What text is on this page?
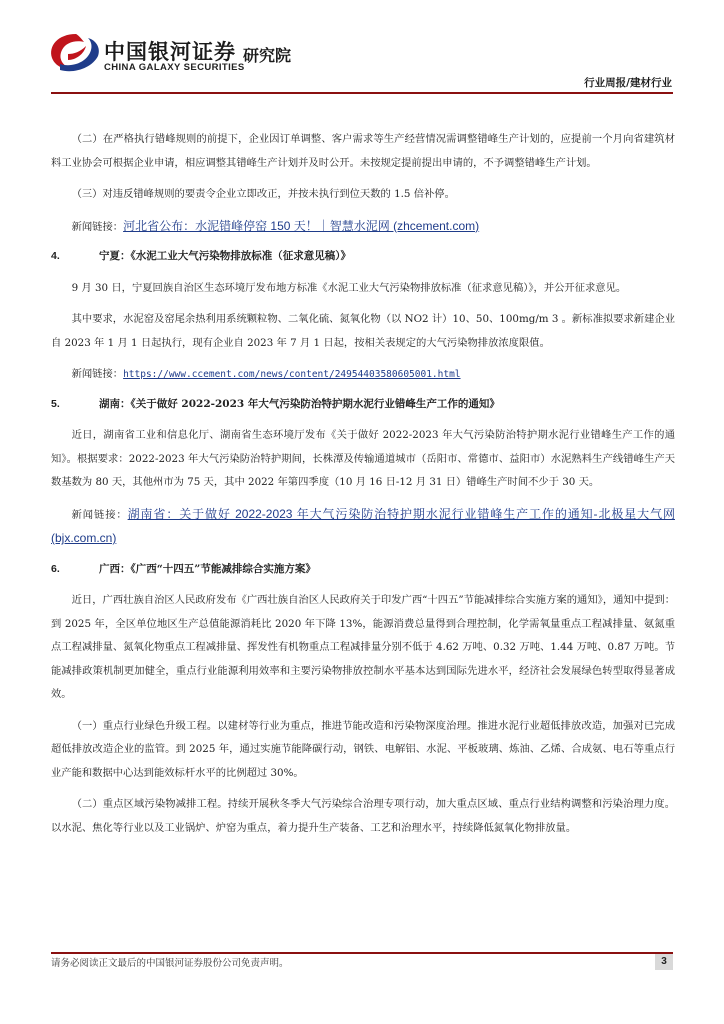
中国银河证券
CHINA GALAXY SECURITIES
研究院
行业周报/建材行业

（二）在严格执行错峰规则的前提下，企业因订单调整、客户需求等生产经营情况需调整错峰生产计划的，应提前一个月向省建筑材料工业协会可根据企业申请，相应调整其错峰生产计划并及时公开。未按规定提前提出申请的，不予调整错峰生产计划。

（三）对违反错峰规则的要责令企业立即改正，并按未执行到位天数的 1.5 倍补停。

新闻链接：河北省公布：水泥错峰停窑 150 天！｜智慧水泥网 (zhcement.com)

4.	宁夏：《水泥工业大气污染物排放标准（征求意见稿）》

9 月 30 日，宁夏回族自治区生态环境厅发布地方标准《水泥工业大气污染物排放标准（征求意见稿）》，并公开征求意见。

其中要求，水泥窑及窑尾余热利用系统颗粒物、二氧化硫、氮氧化物（以 NO2 计）10、50、100mg/m 3 。新标准拟要求新建企业自 2023 年 1 月 1 日起执行，现有企业自 2023 年 7 月 1 日起，按相关表规定的大气污染物排放浓度限值。

新闻链接：https://www.ccement.com/news/content/24954403580605001.html

5.	湖南：《关于做好 2022-2023 年大气污染防治特护期水泥行业错峰生产工作的通知》

近日，湖南省工业和信息化厅、湖南省生态环境厅发布《关于做好 2022-2023 年大气污染防治特护期水泥行业错峰生产工作的通知》。根据要求：2022-2023 年大气污染防治特护期间，长株潭及传输通道城市（岳阳市、常德市、益阳市）水泥熟料生产线错峰生产天数基数为 80 天，其他州市为 75 天，其中 2022 年第四季度（10 月 16 日-12 月 31 日）错峰生产时间不少于 30 天。

新闻链接：湖南省：关于做好 2022-2023 年大气污染防治特护期水泥行业错峰生产工作的通知-北极星大气网 (bjx.com.cn)

6.	广西：《广西“十四五”节能减排综合实施方案》

近日，广西壮族自治区人民政府发布《广西壮族自治区人民政府关于印发广西“十四五”节能减排综合实施方案的通知》，通知中提到：到 2025 年，全区单位地区生产总值能源消耗比 2020 年下降 13%，能源消费总量得到合理控制，化学需氧量重点工程减排量、氨氮重点工程减排量、氮氧化物重点工程减排量、挥发性有机物重点工程减排量分别不低于 4.62 万吨、0.32 万吨、1.44 万吨、0.87 万吨。节能减排政策机制更加健全，重点行业能源利用效率和主要污染物排放控制水平基本达到国际先进水平，经济社会发展绿色转型取得显著成效。

（一）重点行业绿色升级工程。以建材等行业为重点，推进节能改造和污染物深度治理。推进水泥行业超低排放改造，加强对已完成超低排放改造企业的监管。到 2025 年，通过实施节能降碳行动，钢铁、电解铝、水泥、平板玻璃、炼油、乙烯、合成氨、电石等重点行业产能和数据中心达到能效标杆水平的比例超过 30%。

（二）重点区域污染物减排工程。持续开展秋冬季大气污染综合治理专项行动，加大重点区域、重点行业结构调整和污染治理力度。以水泥、焦化等行业以及工业锅炉、炉窑为重点，着力提升生产装备、工艺和治理水平，持续降低氮氧化物排放量。

请务必阅读正文最后的中国银河证券股份公司免责声明。	3
